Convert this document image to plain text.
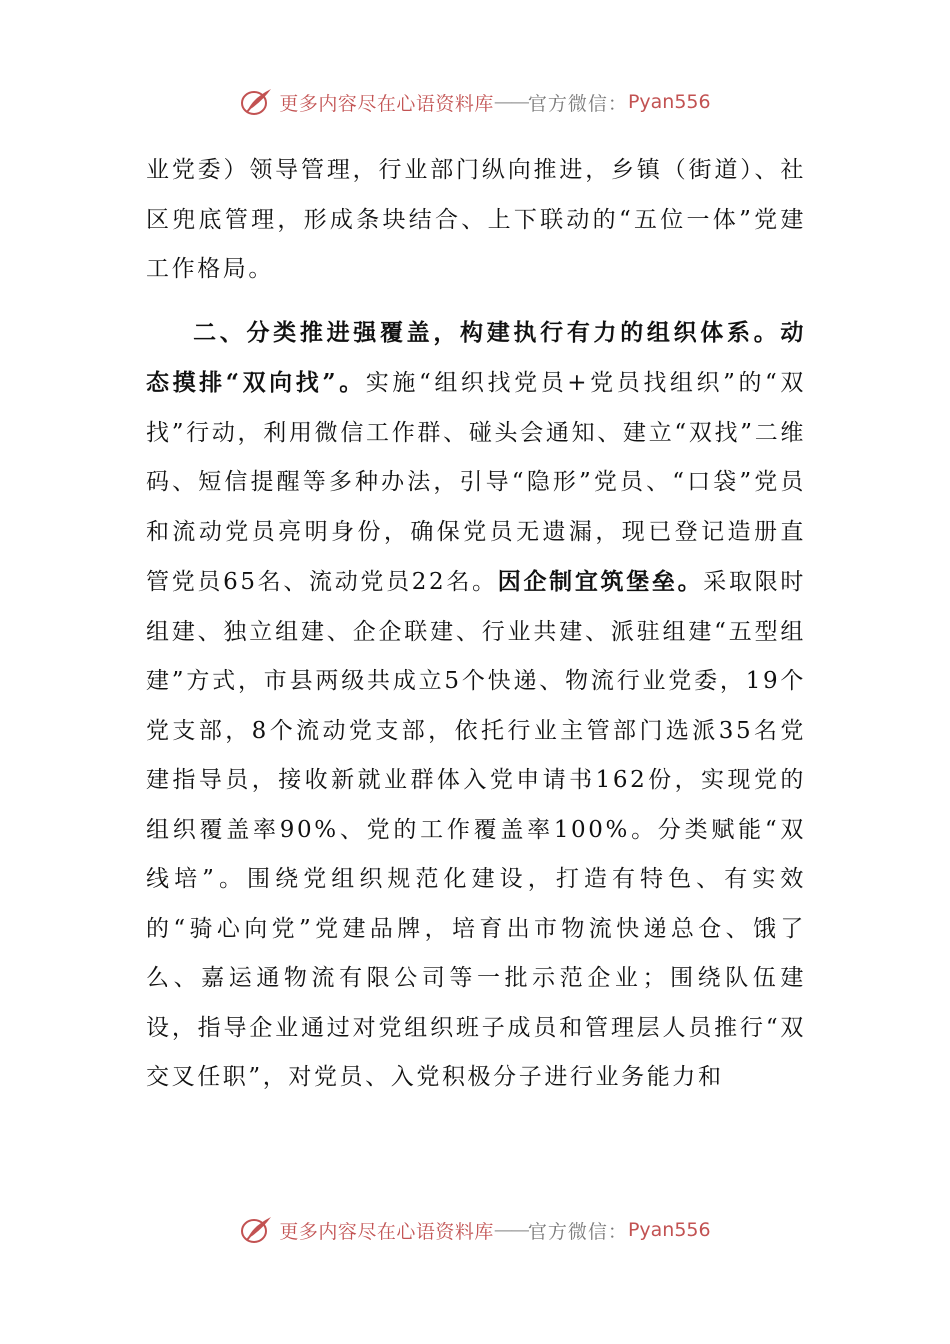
更多内容尽在心语资料库 —— 官方微信： Pyan556

业党委）领导管理，行业部门纵向推进，乡镇（街道）、社区兜底管理，形成条块结合、上下联动的“五位一体”党建工作格局。

二、分类推进强覆盖，构建执行有力的组织体系。动态摸排“双向找”。实施“组织找党员+党员找组织”的“双找”行动，利用微信工作群、碰头会通知、建立“双找”二维码、短信提醒等多种办法，引导“隐形”党员、“口袋”党员和流动党员亮明身份，确保党员无遗漏，现已登记造册直管党员65名、流动党员22名。因企制宜筑堡垒。采取限时组建、独立组建、企企联建、行业共建、派驻组建“五型组建”方式，市县两级共成立5个快递、物流行业党委，19个党支部，8个流动党支部，依托行业主管部门选派35名党建指导员，接收新就业群体入党申请书162份，实现党的组织覆盖率90%、党的工作覆盖率100%。分类赋能“双线培”。围绕党组织规范化建设，打造有特色、有实效的“骑心向党”党建品牌，培育出市物流快递总仓、饿了么、嘉运通物流有限公司等一批示范企业；围绕队伍建设，指导企业通过对党组织班子成员和管理层人员推行“双交叉任职”，对党员、入党积极分子进行业务能力和

更多内容尽在心语资料库 —— 官方微信： Pyan556
